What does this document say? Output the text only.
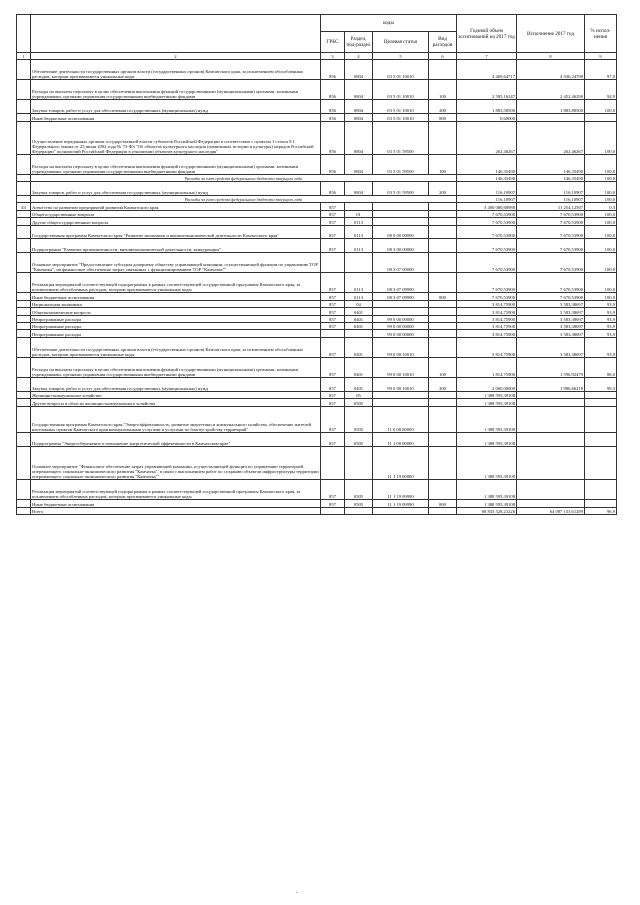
		коды				Годовой объем ассигнований на 2017 год	Исполнение 2017 год	% испол-нения
		ГРБС	Раздел, под-раздел	Целевая статья	Вид расходов			
1	2	3	4	5	6	7	8	9
	Обеспечение деятельности государственных органов власти (государственных органов) Камчатского края, за исключением обособленных расходов, которым присваиваются уникальные коды	856	0804	03 5 01 10010		4 469,64717	4 336,24790	97,0
	Расходы на выплаты персоналу в целях обеспечения выполнения функций государственными (муниципальными) органами, казенными учреждениями, органами управления государственными внебюджетными фондами	856	0804	03 5 01 10010	100	2 585,16247	2 452,46290	94,9
	Закупка товаров, работ и услуг для обеспечения государственных (муниципальных) нужд	856	0804	03 5 01 10010	200	1 883,58500	1 883,88500	100,0
	Иные бюджетные ассигнования	856	0804	03 5 01 10010	800	0,60000		
	Осуществление переданных органам государственной власти субъектов Российской Федерации в соответствии с пунктом 1 статьи 9.1 Федерального закона от 25 июня 2002 года № 73-ФЗ "Об объектах культурного наследия (памятниках истории и культуры) народов Российской Федерации" полномочий Российской Федерации в отношении объектов культурного наследия"	856	0804	03 5 01 59500		262,46267	262,46267	100,0
	Расходы на выплаты персоналу в целях обеспечения выполнения функций государственными (муниципальными) органами, казенными учреждениями, органами управления государственными внебюджетными фондами	856	0804	03 5 01 59500	100	146,35490	146,35490	100,0
	Расходы за счет средств федерального бюджета текущего года					146,35490	146,35490	100,0
	Закупка товаров, работ и услуг для обеспечения государственных (муниципальных) нужд	856	0804	03 5 01 59500	200	116,10907	116,10907	100,0
	Расходы за счет средств федерального бюджета текущего года					116,10907	116,10907	100,0
43	Агентство по развитию предприятий развития Камчатского края	857				3 400 080,68988	11 254,12597	0,3
	Общегосударственные вопросы	857	01			7 670,53900	7 670,53900	100,0
	Другие общегосударственные вопросы	857	0113			7 670,53900	7 670,53900	100,0
	Государственная программа Камчатского края "Развитие экономики и внешнеэкономической деятельности Камчатского края"	857	0113	08 0 00 00000		7 670,53900	7 670,53900	100,0
	Подпрограмма "Развитие промышленности, внешнеэкономической деятельности, конкуренции"	857	0113	08 3 00 00000		7 670,53900	7 670,53900	100,0
	Основное мероприятие "Предоставление субсидии дочернему обществу управляющей компании, осуществляющей функции по управлению ТОР "Камчатка", на финансовое обеспечение затрат, связанных с функционированием ТОР "Камчатка""			08 3 07 00000		7 670,53900	7 670,53900	100,0
	Реализация мероприятий соответствующей подпрограммы в рамках соответствующей государственной программы Камчатского края, за исключением обособленных расходов, которым присваиваются уникальные коды	857	0113	08 3 07 09990		7 670,53900	7 670,53900	100,0
	Иные бюджетные ассигнования	857	0113	08 3 07 09990	800	7 670,53900	7 670,53900	100,0
	Национальная экономика	857	04			3 814,75900	3 583,38697	93,9
	Общеэкономические вопросы	857	0401			3 814,75900	3 583,38697	93,9
	Непрограммные расходы	857	0401	99 0 00 00000		3 814,75900	3 583,38697	93,9
	Непрограммные расходы	857	0401	99 0 00 00000		3 814,75900	3 583,38697	93,9
	Непрограммные расходы			99 0 00 00000		3 814,75900	3 583,38697	93,9
	Обеспечение деятельности государственных органов власти (государственных органов) Камчатского края, за исключением обособленных расходов, которым присваиваются уникальные коды	857	0401	99 0 00 10010		3 814,75900	3 583,38697	93,9
	Расходы на выплаты персоналу в целях обеспечения выполнения функций государственными (муниципальными) органами, казенными учреждениями, органами управления государственными внебюджетными фондами	857	0401	99 0 00 10010	100	1 814,75900	1 596,92479	88,0
	Закупка товаров, работ и услуг для обеспечения государственных (муниципальных) нужд	857	0401	99 0 00 10010	200	2 000,00000	1 986,66218	99,3
	Жилищно-коммунальное хозяйство	857	05			1 388 595,39108		
	Другие вопросы в области жилищно-коммунального хозяйства	857	0505			1 388 595,39108		
	Государственная программа Камчатского края "Энергоэффективность, развитие энергетики и коммунального хозяйства, обеспечение жителей населенных пунктов Камчатского края коммунальными услугами и услугами по благоустройству территорий"	857	0505	11 0 00 00000		1 388 595,39108		
	Подпрограмма "Энергосбережение и повышение энергетической эффективности в Камчатском крае"	857	0505	11 1 00 00000		1 388 595,39108		
	Основное мероприятие "Финансовое обеспечение затрат управляющей компании, осуществляющей функции по управлению территорией опережающего социально-экономического развития "Камчатка", в связи с выполнением работ по созданию объектов инфраструктуры территории опережающего социально-экономического развития "Камчатка""			11 1 19 00000		1 388 595,39108		
	Реализация мероприятий соответствующей подпрограммы в рамках соответствующей государственной программы Камчатского края, за исключением обособленных расходов, которым присваиваются уникальные коды	857	0505	11 1 19 09990		1 388 595,39108		
	Иные бюджетные ассигнования	857	0505	11 1 19 09990	800	1 388 595,39108		
	Всего					68 833 528,21226	64 087 133,61289	96,9
-
